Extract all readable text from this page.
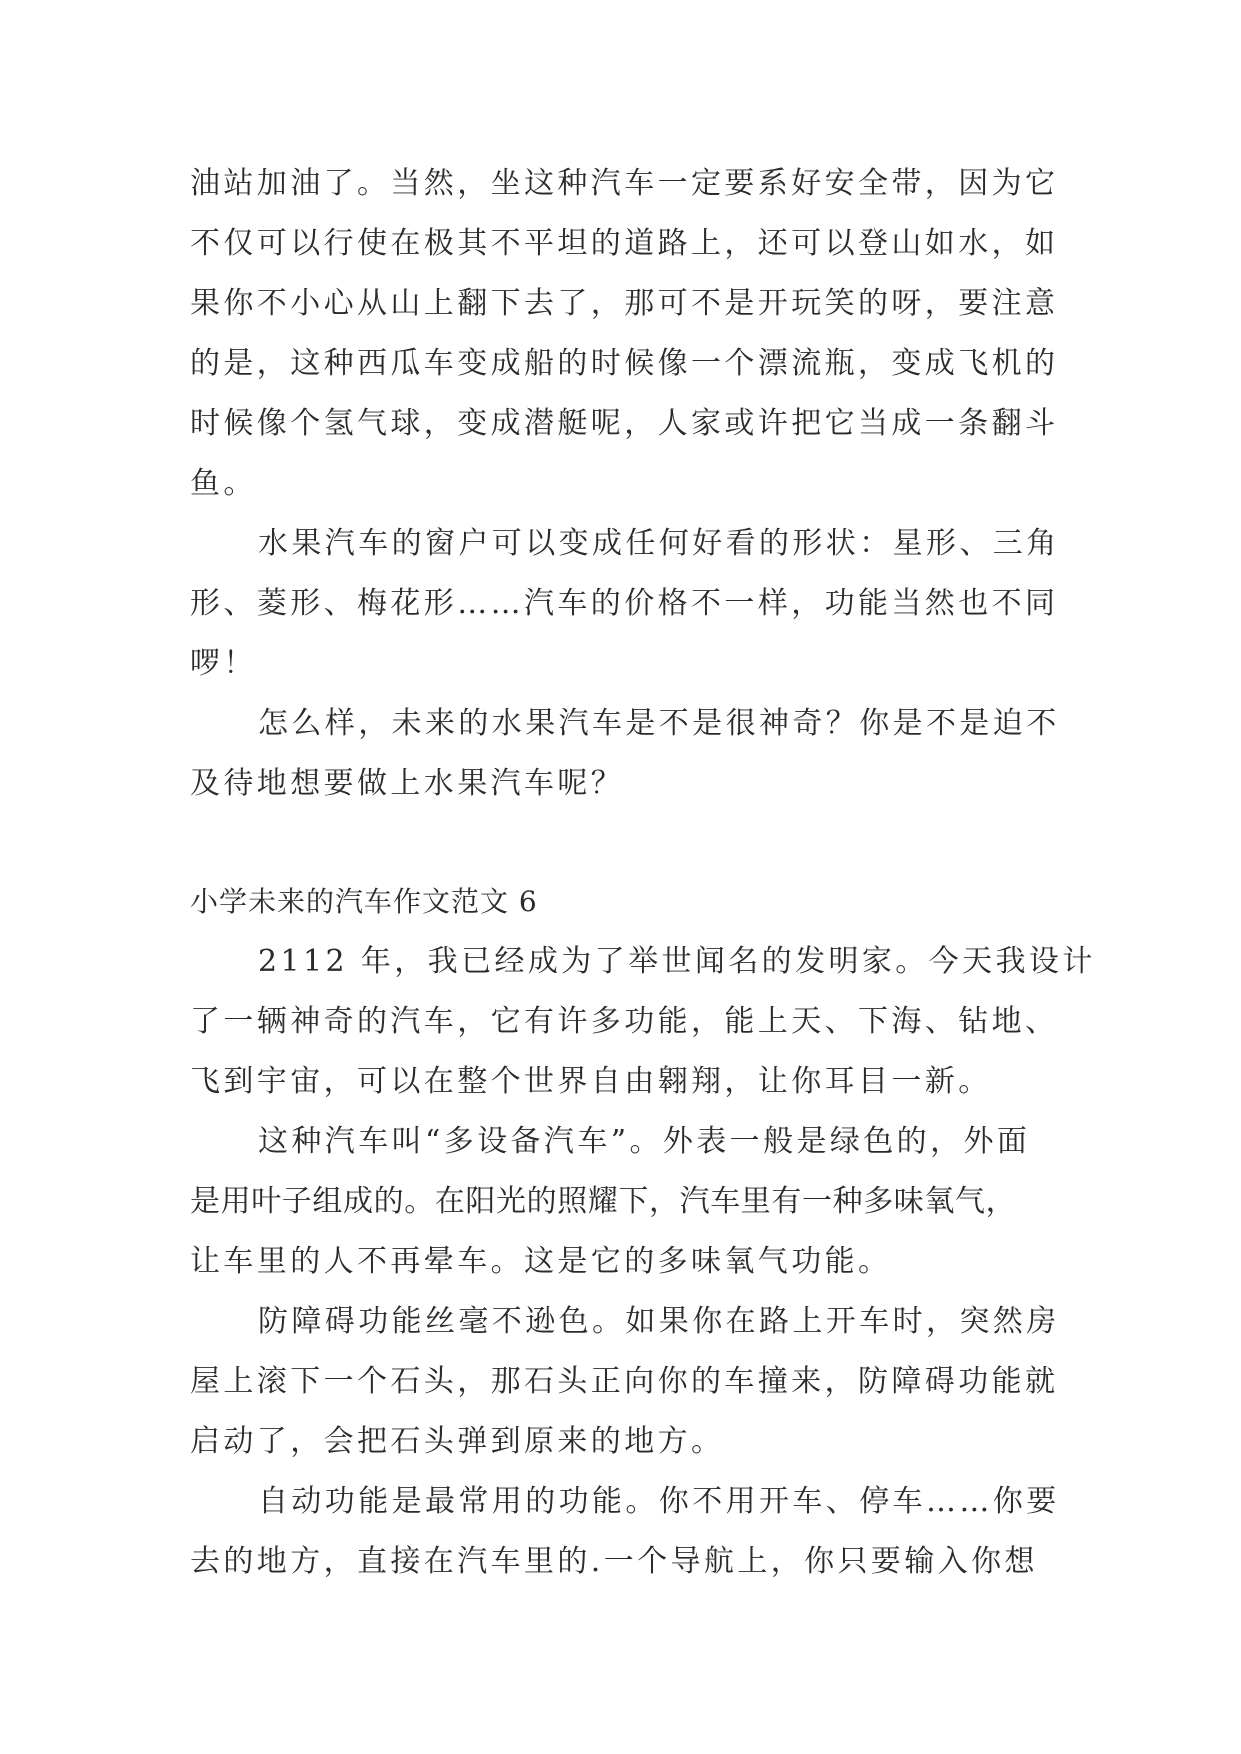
油站加油了。当然，坐这种汽车一定要系好安全带，因为它
不仅可以行使在极其不平坦的道路上，还可以登山如水，如
果你不小心从山上翻下去了，那可不是开玩笑的呀，要注意
的是，这种西瓜车变成船的时候像一个漂流瓶，变成飞机的
时候像个氢气球，变成潜艇呢，人家或许把它当成一条翻斗
鱼。
水果汽车的窗户可以变成任何好看的形状：星形、三角
形、菱形、梅花形……汽车的价格不一样，功能当然也不同
啰！
怎么样，未来的水果汽车是不是很神奇？你是不是迫不
及待地想要做上水果汽车呢？
小学未来的汽车作文范文 6
2112 年，我已经成为了举世闻名的发明家。今天我设计
了一辆神奇的汽车，它有许多功能，能上天、下海、钻地、
飞到宇宙，可以在整个世界自由翱翔，让你耳目一新。
这种汽车叫“多设备汽车”。外表一般是绿色的，外面
是用叶子组成的。在阳光的照耀下，汽车里有一种多味氧气，
让车里的人不再晕车。这是它的多味氧气功能。
防障碍功能丝毫不逊色。如果你在路上开车时，突然房
屋上滚下一个石头，那石头正向你的车撞来，防障碍功能就
启动了，会把石头弹到原来的地方。
自动功能是最常用的功能。你不用开车、停车……你要
去的地方，直接在汽车里的.一个导航上，你只要输入你想
